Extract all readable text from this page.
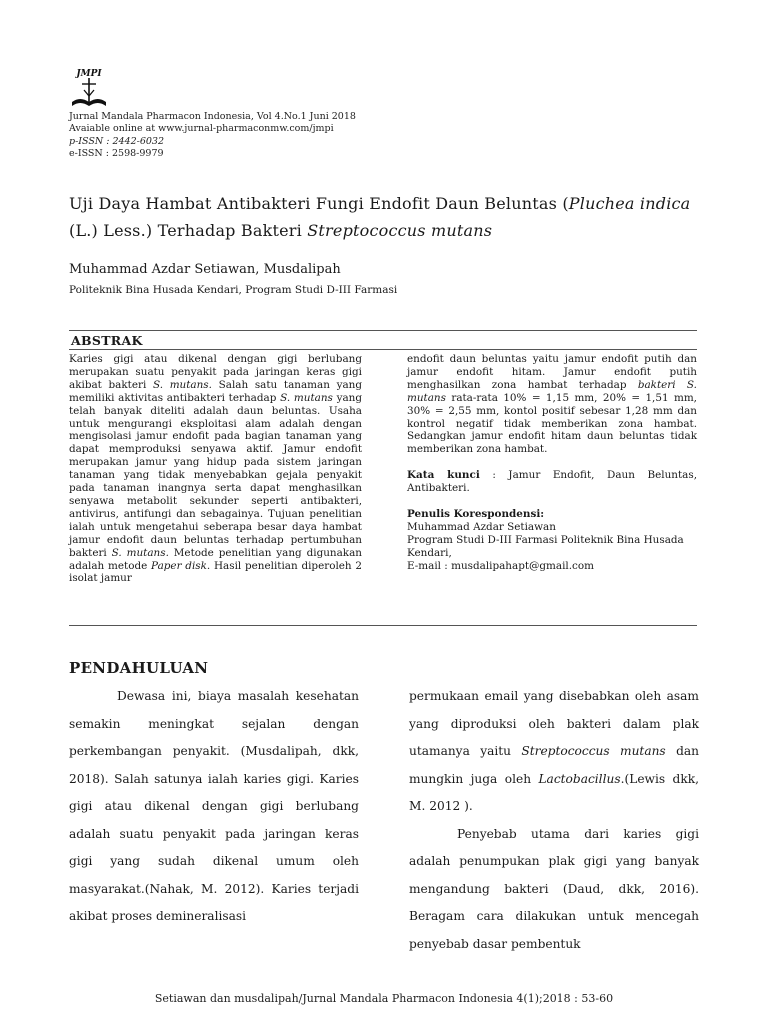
JMPI
Jurnal Mandala Pharmacon Indonesia, Vol 4.No.1 Juni 2018
Avaiable online at www.jurnal-pharmaconmw.com/jmpi
p-ISSN : 2442-6032
e-ISSN : 2598-9979
Uji Daya Hambat Antibakteri Fungi Endofit Daun Beluntas (Pluchea indica
(L.) Less.) Terhadap Bakteri Streptococcus mutans
Muhammad Azdar Setiawan, Musdalipah
Politeknik Bina Husada Kendari, Program Studi D-III Farmasi
ABSTRAK

Karies gigi atau dikenal dengan gigi berlubang merupakan suatu penyakit pada jaringan keras gigi akibat bakteri S. mutans. Salah satu tanaman yang memiliki aktivitas antibakteri terhadap S. mutans yang telah banyak diteliti adalah daun beluntas. Usaha untuk mengurangi eksploitasi alam adalah dengan mengisolasi jamur endofit pada bagian tanaman yang dapat memproduksi senyawa aktif. Jamur endofit merupakan jamur yang hidup pada sistem jaringan tanaman yang tidak menyebabkan gejala penyakit pada tanaman inangnya serta dapat menghasilkan senyawa metabolit sekunder seperti antibakteri, antivirus, antifungi dan sebagainya. Tujuan penelitian ialah untuk mengetahui seberapa besar daya hambat jamur endofit daun beluntas terhadap pertumbuhan bakteri S. mutans. Metode penelitian yang digunakan adalah metode Paper disk. Hasil penelitian diperoleh 2 isolat jamur

endofit daun beluntas yaitu jamur endofit putih dan jamur endofit hitam. Jamur endofit putih menghasilkan zona hambat terhadap bakteri S. mutans rata-rata 10% = 1,15 mm, 20% = 1,51 mm, 30% = 2,55 mm, kontol positif sebesar 1,28 mm dan kontrol negatif tidak memberikan zona hambat. Sedangkan jamur endofit hitam daun beluntas tidak memberikan zona hambat.

Kata kunci : Jamur Endofit, Daun Beluntas, Antibakteri.

Penulis Korespondensi:

Muhammad Azdar Setiawan

Program Studi D-III Farmasi Politeknik Bina Husada Kendari,

E-mail : musdalipahapt@gmail.com

PENDAHULUAN

Dewasa ini, biaya masalah kesehatan semakin meningkat sejalan dengan perkembangan penyakit. (Musdalipah, dkk, 2018). Salah satunya ialah karies gigi. Karies gigi atau dikenal dengan gigi berlubang adalah suatu penyakit pada jaringan keras gigi yang sudah dikenal umum oleh masyarakat.(Nahak, M. 2012). Karies terjadi akibat proses demineralisasi

permukaan email yang disebabkan oleh asam yang diproduksi oleh bakteri dalam plak utamanya yaitu Streptococcus mutans dan mungkin juga oleh Lactobacillus.(Lewis dkk, M. 2012 ).

Penyebab utama dari karies gigi adalah penumpukan plak gigi yang banyak mengandung bakteri (Daud, dkk, 2016). Beragam cara dilakukan untuk mencegah penyebab dasar pembentuk

Setiawan dan musdalipah/Jurnal Mandala Pharmacon Indonesia 4(1);2018 : 53-60
